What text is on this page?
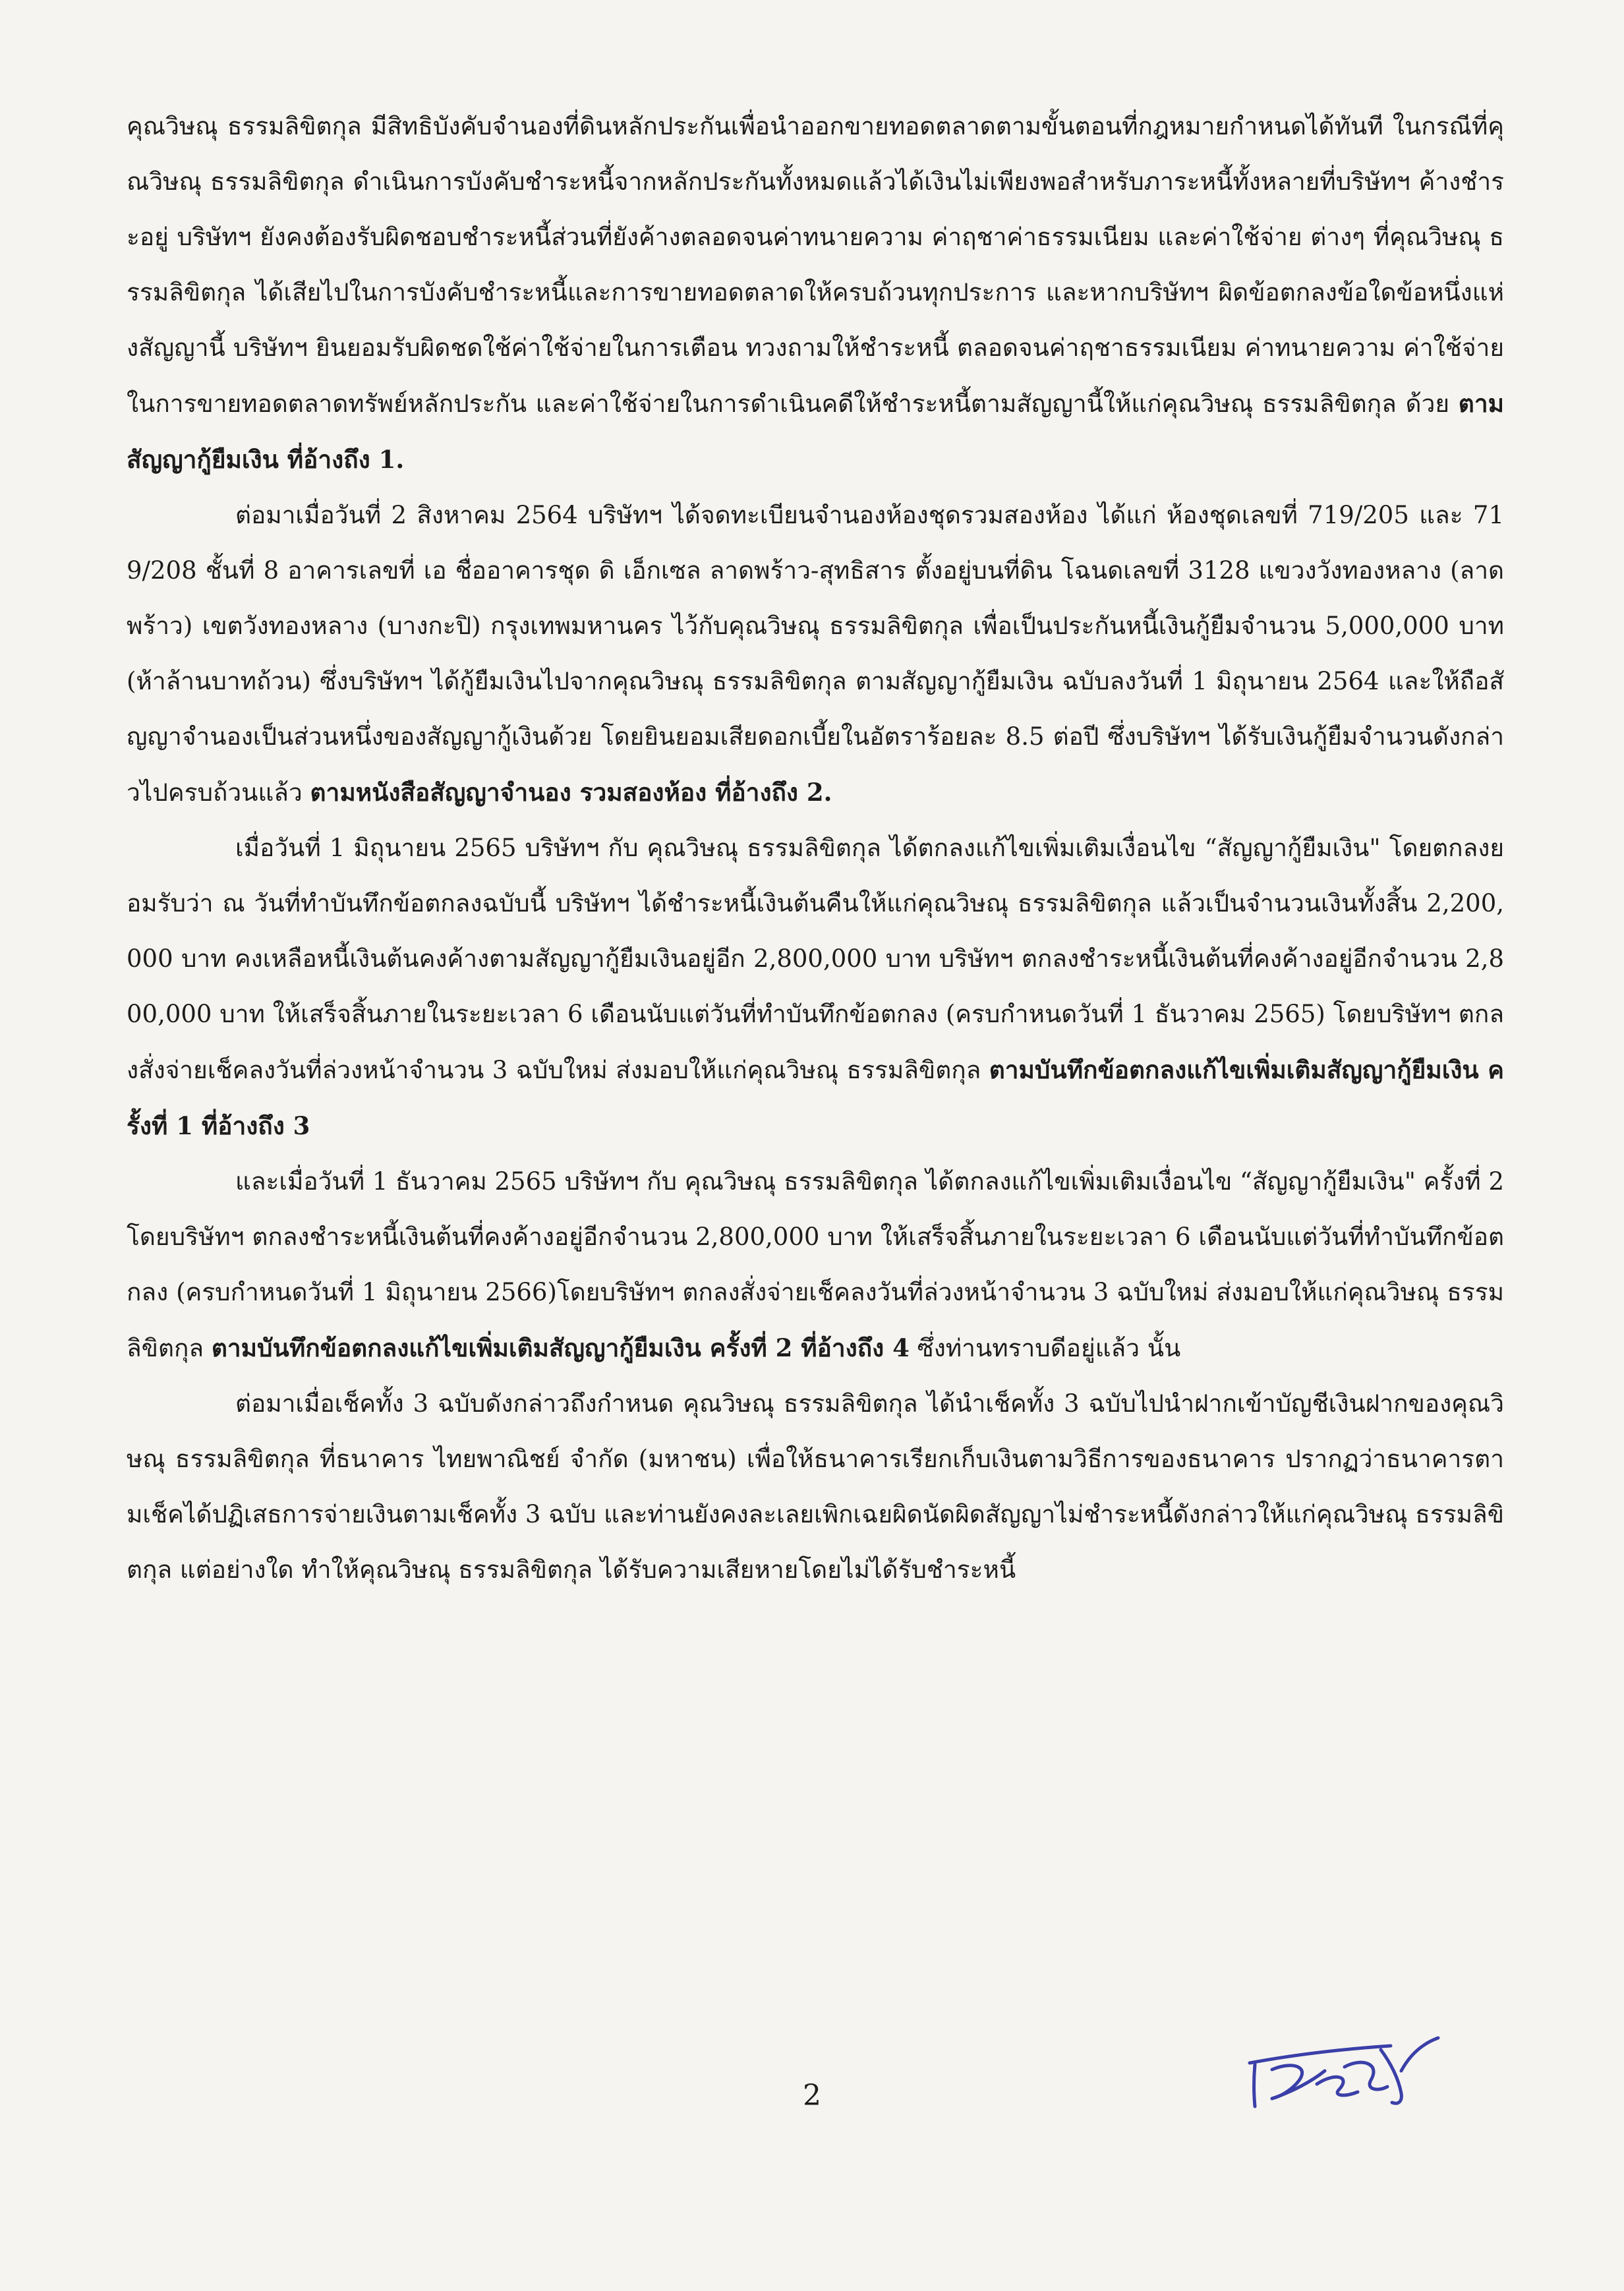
คุณวิษณุ ธรรมลิขิตกุล มีสิทธิบังคับจำนองที่ดินหลักประกันเพื่อนำออกขายทอดตลาดตามขั้นตอนที่กฎหมายกำหนดได้ทันที ในกรณีที่คุณวิษณุ ธรรมลิขิตกุล ดำเนินการบังคับชำระหนี้จากหลักประกันทั้งหมดแล้วได้เงินไม่เพียงพอสำหรับภาระหนี้ทั้งหลายที่บริษัทฯ ค้างชำระอยู่ บริษัทฯ ยังคงต้องรับผิดชอบชำระหนี้ส่วนที่ยังค้างตลอดจนค่าทนายความ ค่าฤชาค่าธรรมเนียม และค่าใช้จ่าย ต่างๆ ที่คุณวิษณุ ธรรมลิขิตกุล ได้เสียไปในการบังคับชำระหนี้และการขายทอดตลาดให้ครบถ้วนทุกประการ และหากบริษัทฯ ผิดข้อตกลงข้อใดข้อหนึ่งแห่งสัญญานี้ บริษัทฯ ยินยอมรับผิดชดใช้ค่าใช้จ่ายในการเตือน ทวงถามให้ชำระหนี้ ตลอดจนค่าฤชาธรรมเนียม ค่าทนายความ ค่าใช้จ่ายในการขายทอดตลาดทรัพย์หลักประกัน และค่าใช้จ่ายในการดำเนินคดีให้ชำระหนี้ตามสัญญานี้ให้แก่คุณวิษณุ ธรรมลิขิตกุล ด้วย ตามสัญญากู้ยืมเงิน ที่อ้างถึง 1.

ต่อมาเมื่อวันที่ 2 สิงหาคม 2564 บริษัทฯ ได้จดทะเบียนจำนองห้องชุดรวมสองห้อง ได้แก่ ห้องชุดเลขที่ 719/205 และ 719/208 ชั้นที่ 8 อาคารเลขที่ เอ ชื่ออาคารชุด ดิ เอ็กเซล ลาดพร้าว-สุทธิสาร ตั้งอยู่บนที่ดิน โฉนดเลขที่ 3128 แขวงวังทองหลาง (ลาดพร้าว) เขตวังทองหลาง (บางกะปิ) กรุงเทพมหานคร ไว้กับคุณวิษณุ ธรรมลิขิตกุล เพื่อเป็นประกันหนี้เงินกู้ยืมจำนวน 5,000,000 บาท (ห้าล้านบาทถ้วน) ซึ่งบริษัทฯ ได้กู้ยืมเงินไปจากคุณวิษณุ ธรรมลิขิตกุล ตามสัญญากู้ยืมเงิน ฉบับลงวันที่ 1 มิถุนายน 2564 และให้ถือสัญญาจำนองเป็นส่วนหนึ่งของสัญญากู้เงินด้วย โดยยินยอมเสียดอกเบี้ยในอัตราร้อยละ 8.5 ต่อปี ซึ่งบริษัทฯ ได้รับเงินกู้ยืมจำนวนดังกล่าวไปครบถ้วนแล้ว ตามหนังสือสัญญาจำนอง รวมสองห้อง ที่อ้างถึง 2.

เมื่อวันที่ 1 มิถุนายน 2565 บริษัทฯ กับ คุณวิษณุ ธรรมลิขิตกุล ได้ตกลงแก้ไขเพิ่มเติมเงื่อนไข “สัญญากู้ยืมเงิน" โดยตกลงยอมรับว่า ณ วันที่ทำบันทึกข้อตกลงฉบับนี้ บริษัทฯ ได้ชำระหนี้เงินต้นคืนให้แก่คุณวิษณุ ธรรมลิขิตกุล แล้วเป็นจำนวนเงินทั้งสิ้น 2,200,000 บาท คงเหลือหนี้เงินต้นคงค้างตามสัญญากู้ยืมเงินอยู่อีก 2,800,000 บาท บริษัทฯ ตกลงชำระหนี้เงินต้นที่คงค้างอยู่อีกจำนวน 2,800,000 บาท ให้เสร็จสิ้นภายในระยะเวลา 6 เดือนนับแต่วันที่ทำบันทึกข้อตกลง (ครบกำหนดวันที่ 1 ธันวาคม 2565) โดยบริษัทฯ ตกลงสั่งจ่ายเช็คลงวันที่ล่วงหน้าจำนวน 3 ฉบับใหม่ ส่งมอบให้แก่คุณวิษณุ ธรรมลิขิตกุล ตามบันทึกข้อตกลงแก้ไขเพิ่มเติมสัญญากู้ยืมเงิน ครั้งที่ 1 ที่อ้างถึง 3

และเมื่อวันที่ 1 ธันวาคม 2565 บริษัทฯ กับ คุณวิษณุ ธรรมลิขิตกุล ได้ตกลงแก้ไขเพิ่มเติมเงื่อนไข “สัญญากู้ยืมเงิน" ครั้งที่ 2 โดยบริษัทฯ ตกลงชำระหนี้เงินต้นที่คงค้างอยู่อีกจำนวน 2,800,000 บาท ให้เสร็จสิ้นภายในระยะเวลา 6 เดือนนับแต่วันที่ทำบันทึกข้อตกลง (ครบกำหนดวันที่ 1 มิถุนายน 2566)โดยบริษัทฯ ตกลงสั่งจ่ายเช็คลงวันที่ล่วงหน้าจำนวน 3 ฉบับใหม่ ส่งมอบให้แก่คุณวิษณุ ธรรมลิขิตกุล ตามบันทึกข้อตกลงแก้ไขเพิ่มเติมสัญญากู้ยืมเงิน ครั้งที่ 2 ที่อ้างถึง 4 ซึ่งท่านทราบดีอยู่แล้ว นั้น

ต่อมาเมื่อเช็คทั้ง 3 ฉบับดังกล่าวถึงกำหนด คุณวิษณุ ธรรมลิขิตกุล ได้นำเช็คทั้ง 3 ฉบับไปนำฝากเข้าบัญชีเงินฝากของคุณวิษณุ ธรรมลิขิตกุล ที่ธนาคาร ไทยพาณิชย์ จำกัด (มหาชน) เพื่อให้ธนาคารเรียกเก็บเงินตามวิธีการของธนาคาร ปรากฏว่าธนาคารตามเช็คได้ปฏิเสธการจ่ายเงินตามเช็คทั้ง 3 ฉบับ และท่านยังคงละเลยเพิกเฉยผิดนัดผิดสัญญาไม่ชำระหนี้ดังกล่าวให้แก่คุณวิษณุ ธรรมลิขิตกุล แต่อย่างใด ทำให้คุณวิษณุ ธรรมลิขิตกุล ได้รับความเสียหายโดยไม่ได้รับชำระหนี้

2
